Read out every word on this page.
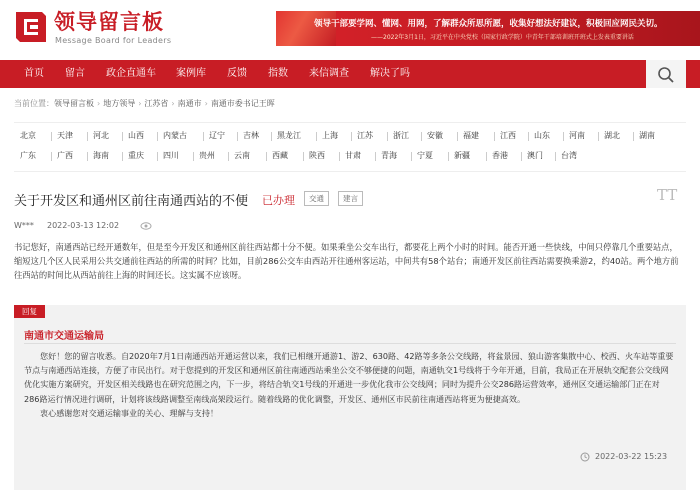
领导留言板
Message Board for Leaders
领导干部要学网、懂网、用网，了解群众所思所愿，收集好想法好建议，积极回应网民关切。
——2022年3月1日，习近平在中央党校（国家行政学院）中青年干部培训班开班式上发表重要讲话
首页 留言 政企直通车 案例库 反馈 指数 来信调查 解决了吗
当前位置：领导留言板 › 地方领导 › 江苏省 › 南通市 › 南通市委书记王晖
北京	天津	河北 山西 内蒙古	辽宁 吉林 黑龙江	上海 江苏	浙江 安徽	福建	江西 山东 河南 湖北 湖南
广东	广西	海南 重庆 四川	贵州 云南	西藏	陕西	甘肃	青海	宁夏	新疆	香港 澳门 台湾
关于开发区和通州区前往南通西站的不便 已办理	交通	建言	TT
W*** 2022-03-13 12:02
书记您好，南通西站已经开通数年，但是至今开发区和通州区前往西站都十分不便。如果乘坐公交车出行，都要花上两个小时的时间。能否开通一些快线，中间只停靠几个重要站点，缩短这几个区人民采用公共交通前往西站的所需的时间？比如，目前286公交车由西站开往通州客运站，中间共有58个站台；南通开发区前往西站需要换乘游2，约40站。两个地方前往西站的时间比从西站前往上海的时间还长。这实属不应该呀。
回复
南通市交通运输局

您好！您的留言收悉。自2020年7月1日南通西站开通运营以来，我们已相继开通游1、游2、630路、42路等多条公交线路，将盆景园、狼山游客集散中心、校西、火车站等重要节点与南通西站连接，方便了市民出行。对于您提到的开发区和通州区前往南通西站乘坐公交不够便捷的问题，南通轨交1号线将于今年开通，目前，我局正在开展轨交配套公交线网优化实施方案研究，开发区相关线路也在研究范围之内，下一步，将结合轨交1号线的开通进一步优化我市公交线网；同时为提升公交286路运营效率，通州区交通运输部门正在对286路运行情况进行调研，计划将该线路调整至南线高架段运行。随着线路的优化调整，开发区、通州区市民前往南通西站将更为便捷高效。

衷心感谢您对交通运输事业的关心、理解与支持！

2022-03-22 15:23
